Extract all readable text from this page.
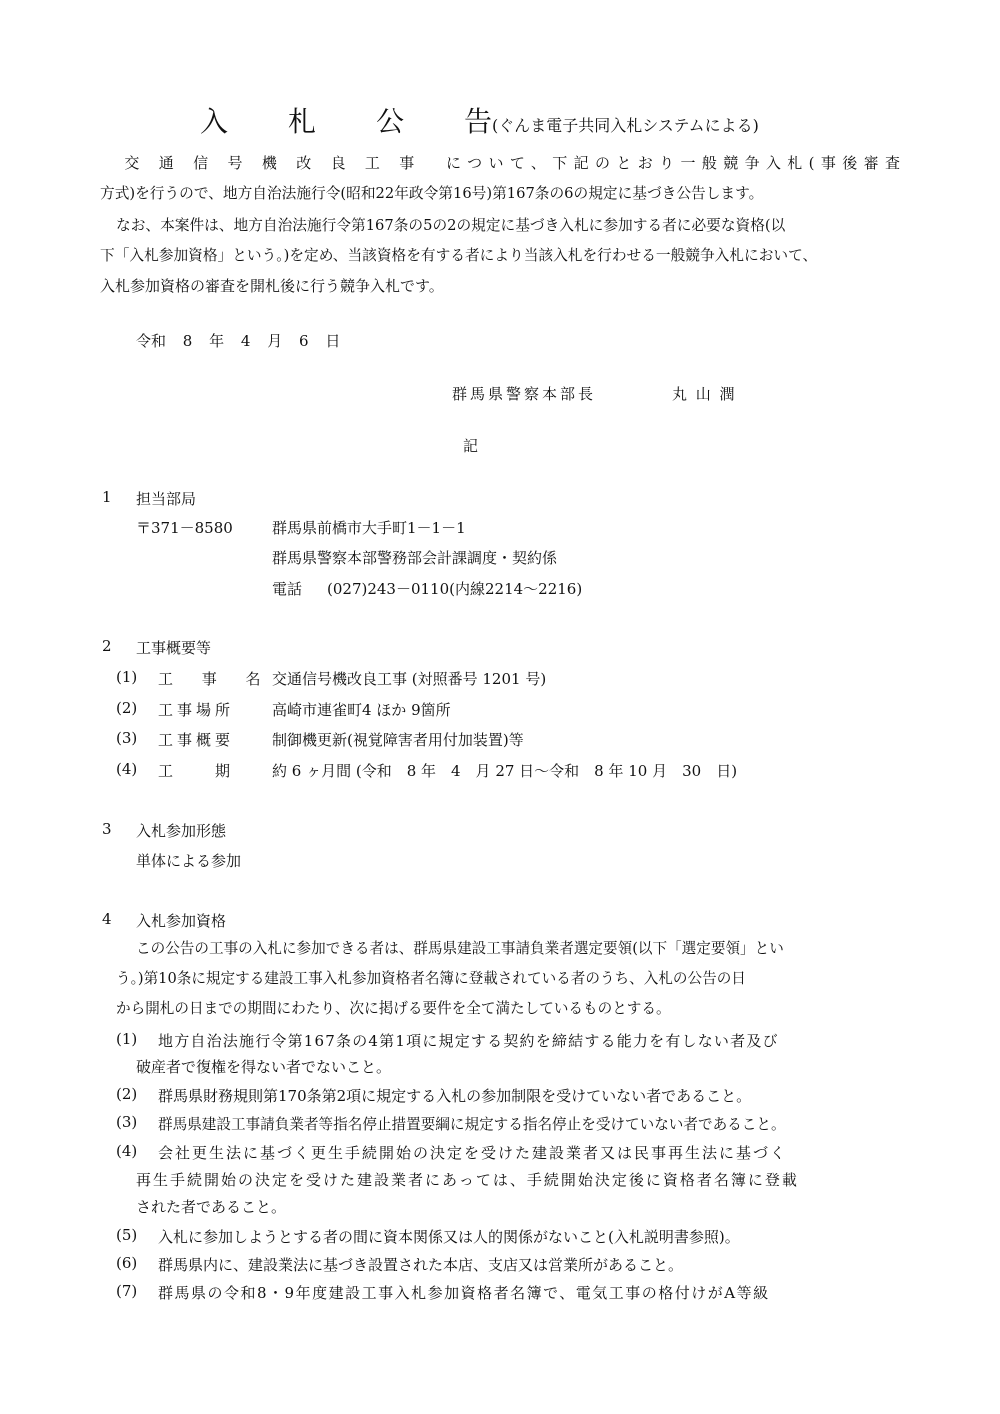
入 札 公 告(ぐんま電子共同入札システムによる)
交通信号機改良工事 について、下記のとおり一般競争入札(事後審査
方式)を行うので、地方自治法施行令(昭和22年政令第16号)第167条の6の規定に基づき公告します。
なお、本案件は、地方自治法施行令第167条の5の2の規定に基づき入札に参加する者に必要な資格(以
下「入札参加資格」という。)を定め、当該資格を有する者により当該入札を行わせる一般競争入札において、
入札参加資格の審査を開札後に行う競争入札です。
令和 8 年 4 月 6 日
群馬県警察本部長	丸 山 潤
記
1 担当部局
〒371－8580	群馬県前橋市大手町1－1－1
群馬県警察本部警務部会計課調度・契約係
電話 (027)243－0110(内線2214～2216)
2 工事概要等
(1) 工 事 名 交通信号機改良工事 (対照番号 1201 号)
(2) 工事場所	高崎市連雀町4 ほか 9箇所
(3) 工事概要	制御機更新(視覚障害者用付加装置)等
(4) 工　　期	約 6 ヶ月間 (令和　8 年　4　月 27 日～令和　8 年 10 月　30　日)
3 入札参加形態
単体による参加
4 入札参加資格
この公告の工事の入札に参加できる者は、群馬県建設工事請負業者選定要領(以下「選定要領」とい
う。)第10条に規定する建設工事入札参加資格者名簿に登載されている者のうち、入札の公告の日
から開札の日までの期間にわたり、次に掲げる要件を全て満たしているものとする。
(1) 地方自治法施行令第167条の4第1項に規定する契約を締結する能力を有しない者及び
破産者で復権を得ない者でないこと。
(2) 群馬県財務規則第170条第2項に規定する入札の参加制限を受けていない者であること。
(3) 群馬県建設工事請負業者等指名停止措置要綱に規定する指名停止を受けていない者であること。
(4) 会社更生法に基づく更生手続開始の決定を受けた建設業者又は民事再生法に基づく
再生手続開始の決定を受けた建設業者にあっては、手続開始決定後に資格者名簿に登載
された者であること。
(5) 入札に参加しようとする者の間に資本関係又は人的関係がないこと(入札説明書参照)。
(6) 群馬県内に、建設業法に基づき設置された本店、支店又は営業所があること。
(7) 群馬県の令和8・9年度建設工事入札参加資格者名簿で、電気工事の格付けがA等級
